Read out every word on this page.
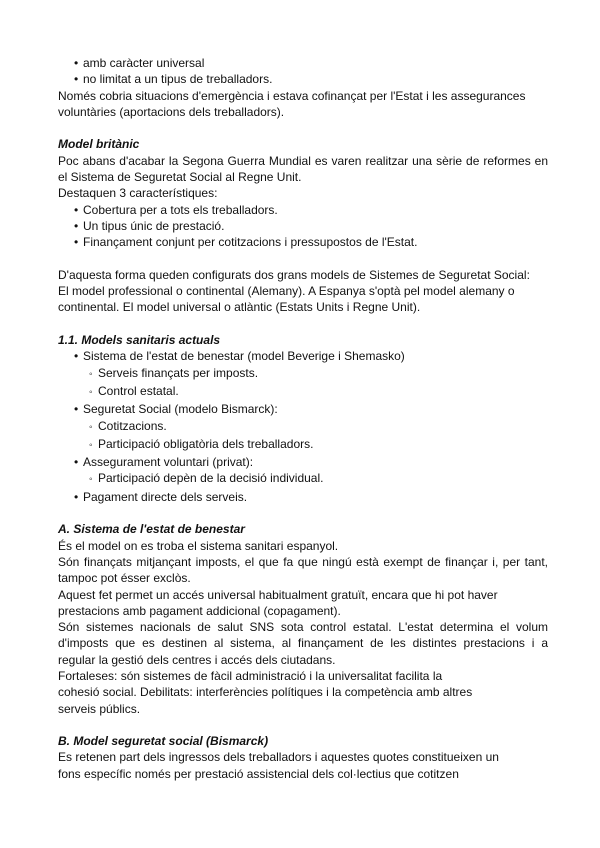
• amb caràcter universal
• no limitat a un tipus de treballadors.
Només cobria situacions d'emergència i estava cofinançat per l'Estat i les assegurances
voluntàries (aportacions dels treballadors).
Model britànic
Poc abans d'acabar la Segona Guerra Mundial es varen realitzar una sèrie de reformes en
el Sistema de Seguretat Social al Regne Unit.
Destaquen 3 característiques:
• Cobertura per a tots els treballadors.
• Un tipus únic de prestació.
• Finançament conjunt per cotitzacions i pressupostos de l'Estat.
D'aquesta forma queden configurats dos grans models de Sistemes de Seguretat Social:
El model professional o continental (Alemany). A Espanya s'optà pel model alemany o
continental. El model universal o atlàntic (Estats Units i Regne Unit).
1.1. Models sanitaris actuals
• Sistema de l'estat de benestar (model Beverige i Shemasko)
◦ Serveis finançats per imposts.
◦ Control estatal.
• Seguretat Social (modelo Bismarck):
◦ Cotitzacions.
◦ Participació obligatòria dels treballadors.
• Assegurament voluntari (privat):
◦ Participació depèn de la decisió individual.
• Pagament directe dels serveis.
A. Sistema de l'estat de benestar
És el model on es troba el sistema sanitari espanyol.
Són finançats mitjançant imposts, el que fa que ningú està exempt de finançar i, per tant,
tampoc pot ésser exclòs.
Aquest fet permet un accés universal habitualment gratuït, encara que hi pot haver
prestacions amb pagament addicional (copagament).
Són sistemes nacionals de salut SNS sota control estatal. L'estat determina el volum
d'imposts que es destinen al sistema, al finançament de les distintes prestacions i a
regular la gestió dels centres i accés dels ciutadans.
Fortaleses: són sistemes de fàcil administració i la universalitat facilita la
cohesió social. Debilitats: interferències polítiques i la competència amb altres
serveis públics.
B. Model seguretat social (Bismarck)
Es retenen part dels ingressos dels treballadors i aquestes quotes constitueixen un
fons específic només per prestació assistencial dels col·lectius que cotitzen
